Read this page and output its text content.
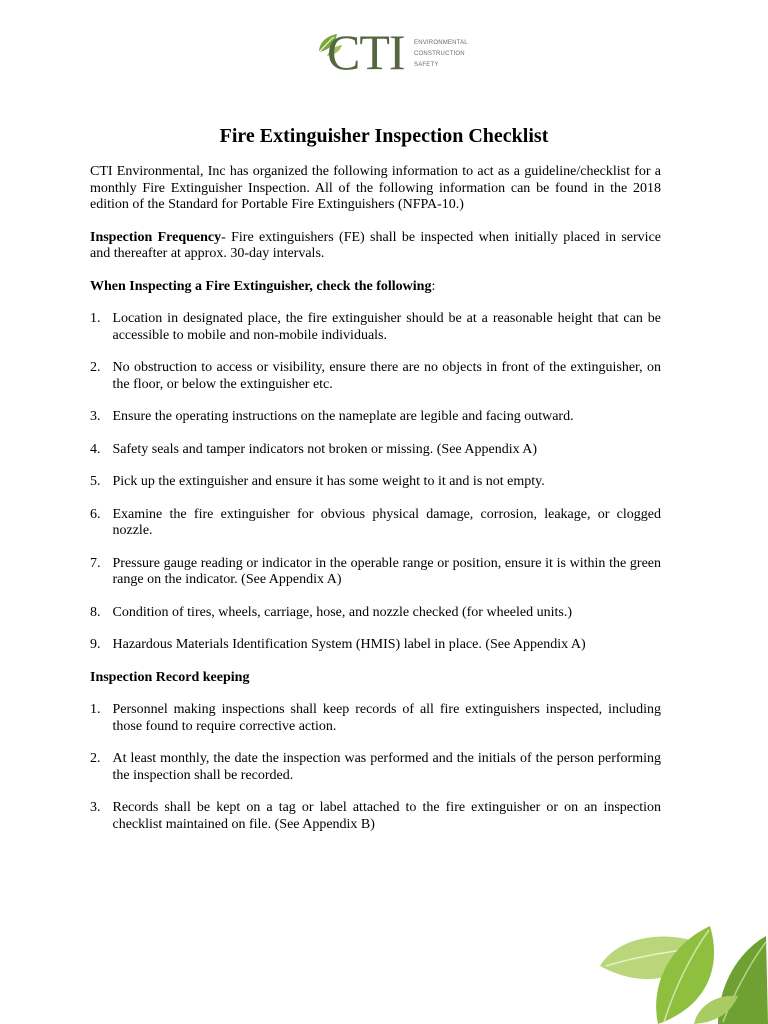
CTI ENVIRONMENTAL
CONSTRUCTION
SAFETY
Fire Extinguisher Inspection Checklist

CTI Environmental, Inc has organized the following information to act as a guideline/checklist for a monthly Fire Extinguisher Inspection. All of the following information can be found in the 2018 edition of the Standard for Portable Fire Extinguishers (NFPA-10.)

Inspection Frequency- Fire extinguishers (FE) shall be inspected when initially placed in service and thereafter at approx. 30-day intervals.

When Inspecting a Fire Extinguisher, check the following:

1. Location in designated place, the fire extinguisher should be at a reasonable height that can be accessible to mobile and non-mobile individuals.
2. No obstruction to access or visibility, ensure there are no objects in front of the extinguisher, on the floor, or below the extinguisher etc.
3. Ensure the operating instructions on the nameplate are legible and facing outward.
4. Safety seals and tamper indicators not broken or missing. (See Appendix A)
5. Pick up the extinguisher and ensure it has some weight to it and is not empty.
6. Examine the fire extinguisher for obvious physical damage, corrosion, leakage, or clogged nozzle.
7. Pressure gauge reading or indicator in the operable range or position, ensure it is within the green range on the indicator. (See Appendix A)
8. Condition of tires, wheels, carriage, hose, and nozzle checked (for wheeled units.)
9. Hazardous Materials Identification System (HMIS) label in place. (See Appendix A)

Inspection Record keeping

1. Personnel making inspections shall keep records of all fire extinguishers inspected, including those found to require corrective action.
2. At least monthly, the date the inspection was performed and the initials of the person performing the inspection shall be recorded.
3. Records shall be kept on a tag or label attached to the fire extinguisher or on an inspection checklist maintained on file. (See Appendix B)
